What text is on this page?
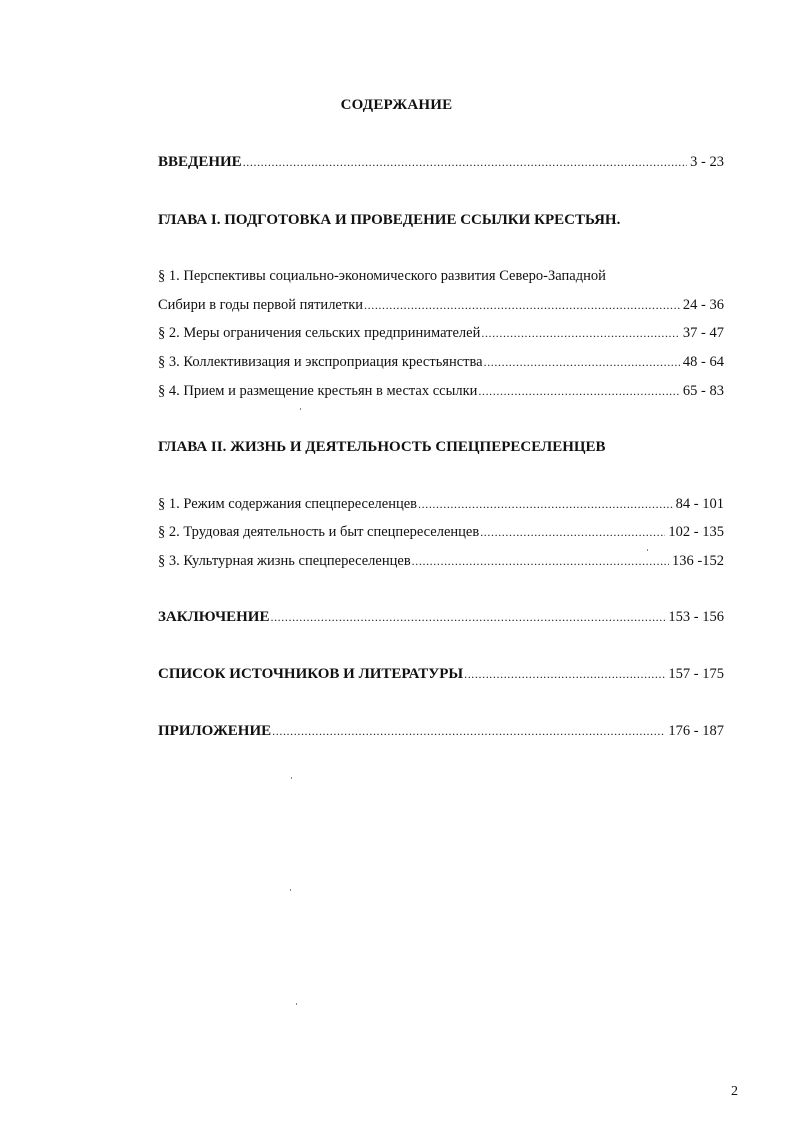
СОДЕРЖАНИЕ
ВВЕДЕНИЕ .....	3 - 23
ГЛАВА I. ПОДГОТОВКА И ПРОВЕДЕНИЕ ССЫЛКИ КРЕСТЬЯН.
§ 1. Перспективы социально-экономического развития Северо-Западной
Сибири в годы первой пятилетки .....	24 - 36
§ 2. Меры ограничения сельских предпринимателей .....	37 - 47
§ 3. Коллективизация и экспроприация крестьянства .....	48 - 64
§ 4. Прием и размещение крестьян в местах ссылки .....	65 - 83
ГЛАВА II. ЖИЗНЬ И ДЕЯТЕЛЬНОСТЬ СПЕЦПЕРЕСЕЛЕНЦЕВ
§ 1. Режим содержания спецпереселенцев .....	84 - 101
§ 2. Трудовая деятельность и быт спецпереселенцев .....	102 - 135
§ 3. Культурная жизнь спецпереселенцев .....	136 -152
ЗАКЛЮЧЕНИЕ .....	153 - 156
СПИСОК ИСТОЧНИКОВ И ЛИТЕРАТУРЫ .....	157 - 175
ПРИЛОЖЕНИЕ .....	176 - 187
2
